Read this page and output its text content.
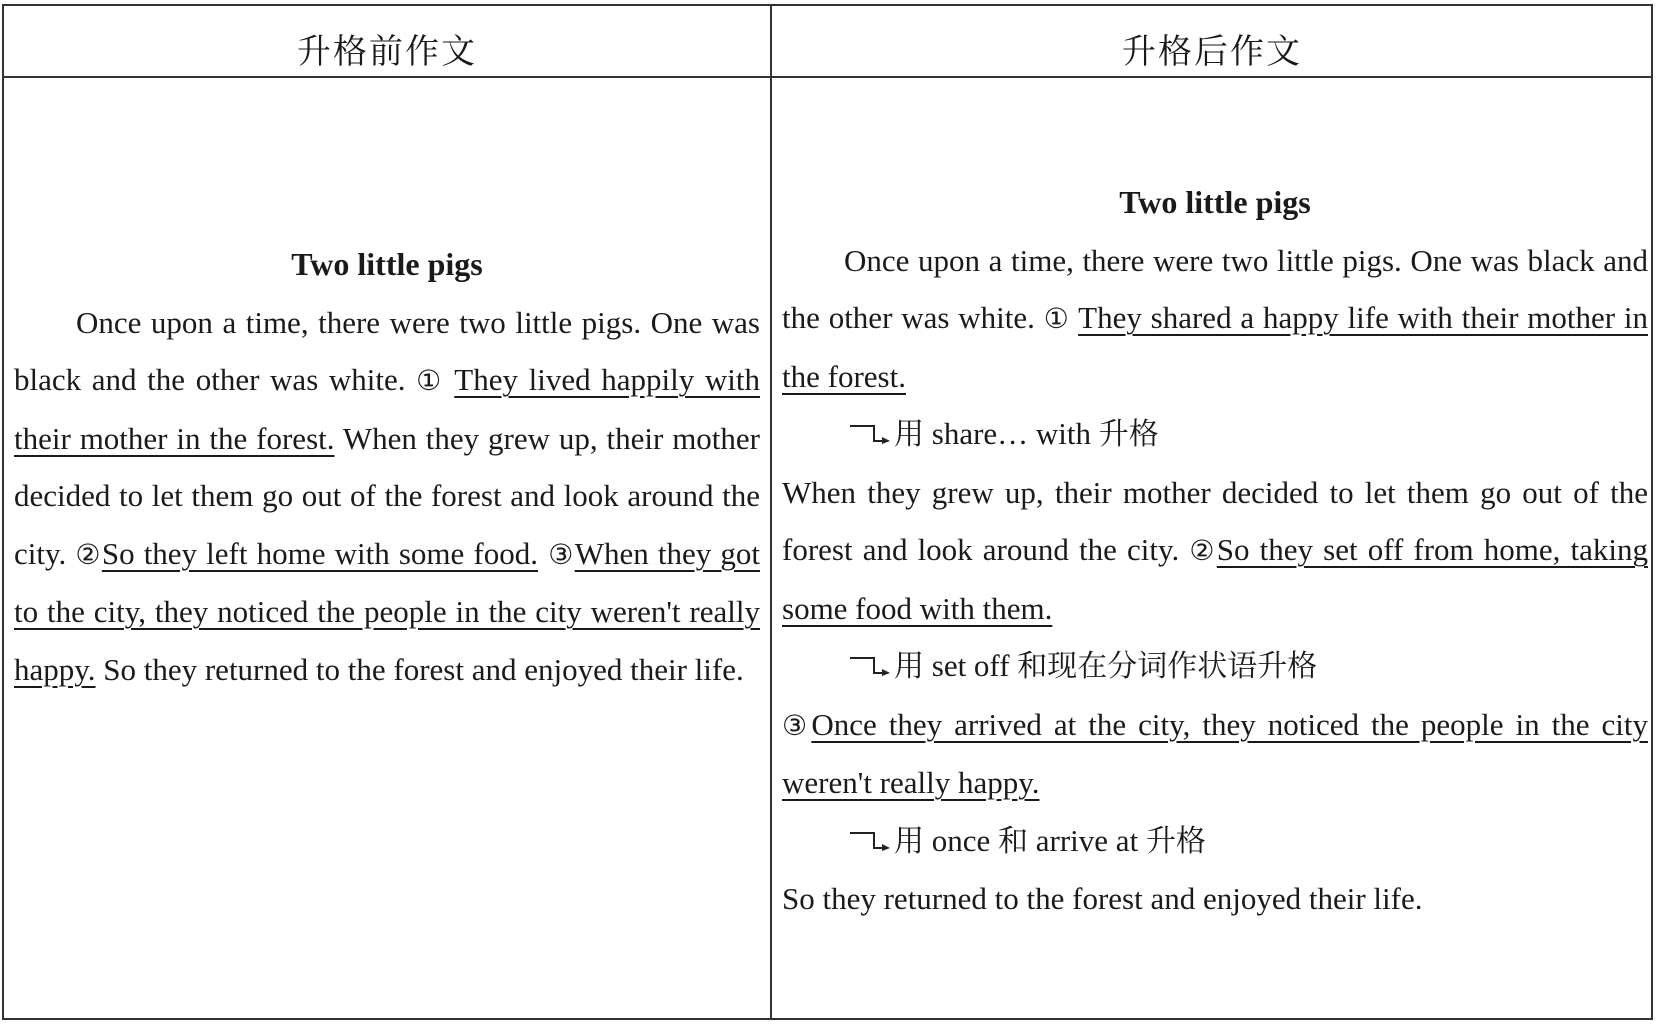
升格前作文	升格后作文
Two little pigs
Once upon a time, there were two little pigs. One was black and the other was white. ① They lived happily with their mother in the forest. When they grew up, their mother decided to let them go out of the forest and look around the city. ②So they left home with some food. ③When they got to the city, they noticed the people in the city weren't really happy. So they returned to the forest and enjoyed their life.
Two little pigs
Once upon a time, there were two little pigs. One was black and the other was white. ① They shared a happy life with their mother in the forest.
用 share… with 升格
When they grew up, their mother decided to let them go out of the forest and look around the city. ②So they set off from home, taking some food with them.
用 set off 和现在分词作状语升格
③Once they arrived at the city, they noticed the people in the city weren't really happy.
用 once 和 arrive at 升格
So they returned to the forest and enjoyed their life.
